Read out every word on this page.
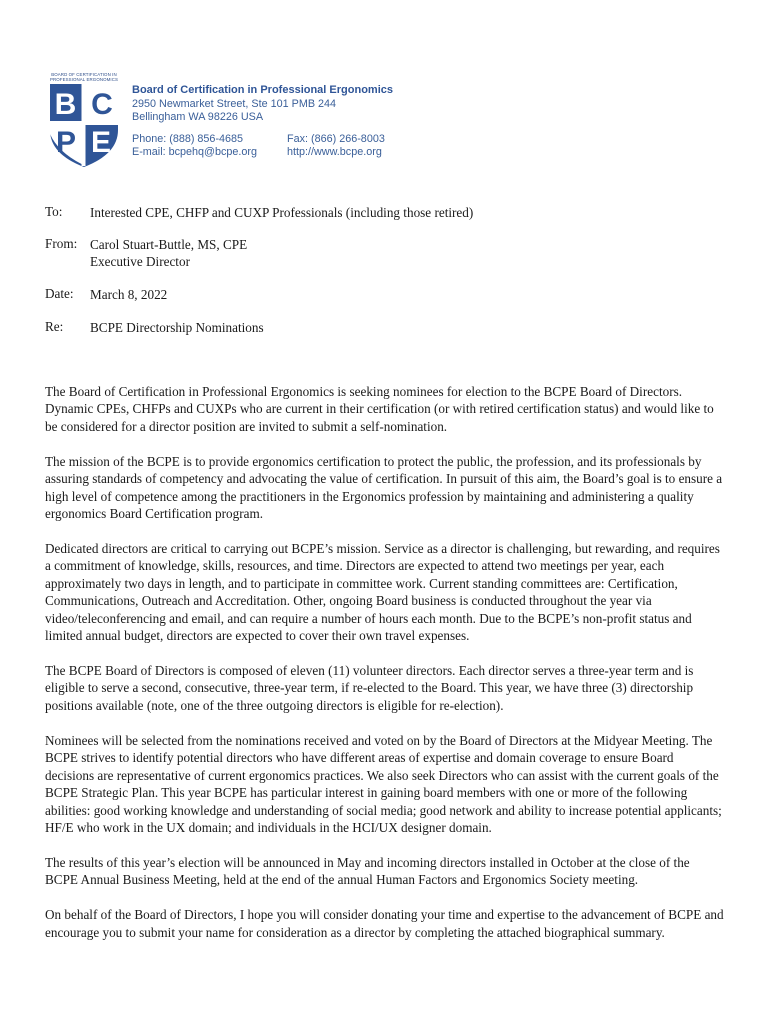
BOARD OF CERTIFICATION IN
PROFESSIONAL ERGONOMICS
B C
P E
Board of Certification in Professional Ergonomics
2950 Newmarket Street, Ste 101 PMB 244
Bellingham WA 98226 USA
Phone: (888) 856-4685	Fax: (866) 266-8003
E-mail: bcpehq@bcpe.org	http://www.bcpe.org
To:	Interested CPE, CHFP and CUXP Professionals (including those retired)
From: Carol Stuart-Buttle, MS, CPE
Executive Director
Date:	March 8, 2022
Re:	BCPE Directorship Nominations

The Board of Certification in Professional Ergonomics is seeking nominees for election to the BCPE Board of Directors. Dynamic CPEs, CHFPs and CUXPs who are current in their certification (or with retired certification status) and would like to be considered for a director position are invited to submit a self-nomination.

The mission of the BCPE is to provide ergonomics certification to protect the public, the profession, and its professionals by assuring standards of competency and advocating the value of certification. In pursuit of this aim, the Board’s goal is to ensure a high level of competence among the practitioners in the Ergonomics profession by maintaining and administering a quality ergonomics Board Certification program.

Dedicated directors are critical to carrying out BCPE’s mission. Service as a director is challenging, but rewarding, and requires a commitment of knowledge, skills, resources, and time. Directors are expected to attend two meetings per year, each approximately two days in length, and to participate in committee work. Current standing committees are: Certification, Communications, Outreach and Accreditation. Other, ongoing Board business is conducted throughout the year via video/teleconferencing and email, and can require a number of hours each month. Due to the BCPE’s non-profit status and limited annual budget, directors are expected to cover their own travel expenses.

The BCPE Board of Directors is composed of eleven (11) volunteer directors. Each director serves a three-year term and is eligible to serve a second, consecutive, three-year term, if re-elected to the Board. This year, we have three (3) directorship positions available (note, one of the three outgoing directors is eligible for re-election).

Nominees will be selected from the nominations received and voted on by the Board of Directors at the Midyear Meeting. The BCPE strives to identify potential directors who have different areas of expertise and domain coverage to ensure Board decisions are representative of current ergonomics practices. We also seek Directors who can assist with the current goals of the BCPE Strategic Plan. This year BCPE has particular interest in gaining board members with one or more of the following abilities: good working knowledge and understanding of social media; good network and ability to increase potential applicants; HF/E who work in the UX domain; and individuals in the HCI/UX designer domain.

The results of this year’s election will be announced in May and incoming directors installed in October at the close of the BCPE Annual Business Meeting, held at the end of the annual Human Factors and Ergonomics Society meeting.

On behalf of the Board of Directors, I hope you will consider donating your time and expertise to the advancement of BCPE and encourage you to submit your name for consideration as a director by completing the attached biographical summary.
